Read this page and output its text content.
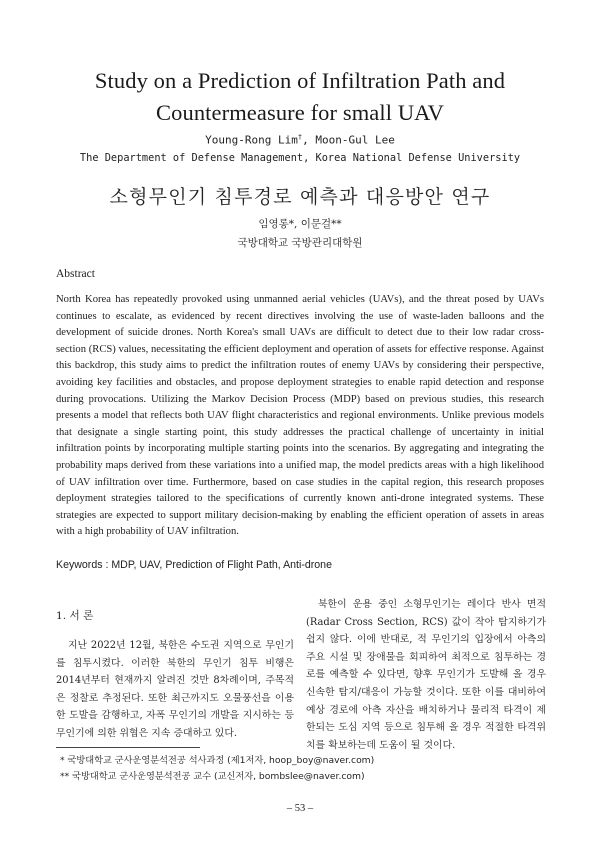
Study on a Prediction of Infiltration Path and
Countermeasure for small UAV
Young-Rong Lim†, Moon-Gul Lee
The Department of Defense Management, Korea National Defense University
소형무인기 침투경로 예측과 대응방안 연구
임영롱*, 이문걸**
국방대학교 국방관리대학원
Abstract
North Korea has repeatedly provoked using unmanned aerial vehicles (UAVs), and the threat posed by UAVs continues to escalate, as evidenced by recent directives involving the use of waste-laden balloons and the development of suicide drones. North Korea's small UAVs are difficult to detect due to their low radar cross-section (RCS) values, necessitating the efficient deployment and operation of assets for effective response. Against this backdrop, this study aims to predict the infiltration routes of enemy UAVs by considering their perspective, avoiding key facilities and obstacles, and propose deployment strategies to enable rapid detection and response during provocations. Utilizing the Markov Decision Process (MDP) based on previous studies, this research presents a model that reflects both UAV flight characteristics and regional environments. Unlike previous models that designate a single starting point, this study addresses the practical challenge of uncertainty in initial infiltration points by incorporating multiple starting points into the scenarios. By aggregating and integrating the probability maps derived from these variations into a unified map, the model predicts areas with a high likelihood of UAV infiltration over time. Furthermore, based on case studies in the capital region, this research proposes deployment strategies tailored to the specifications of currently known anti-drone integrated systems. These strategies are expected to support military decision-making by enabling the efficient operation of assets in areas with a high probability of UAV infiltration.
Keywords : MDP, UAV, Prediction of Flight Path, Anti-drone
1. 서 론
지난 2022년 12월, 북한은 수도권 지역으로 무인기를 침투시켰다. 이러한 북한의 무인기 침투 비행은 2014년부터 현재까지 알려진 것만 8차례이며, 주목적은 정찰로 추정된다. 또한 최근까지도 오물풍선을 이용한 도발을 감행하고, 자폭 무인기의 개발을 지시하는 등 무인기에 의한 위협은 지속 증대하고 있다.
북한이 운용 중인 소형무인기는 레이다 반사 면적(Radar Cross Section, RCS) 값이 작아 탐지하기가 쉽지 않다. 이에 반대로, 적 무인기의 입장에서 아측의 주요 시설 및 장애물을 회피하여 최적으로 침투하는 경로를 예측할 수 있다면, 향후 무인기가 도발해 올 경우 신속한 탐지/대응이 가능할 것이다. 또한 이를 대비하여 예상 경로에 아측 자산을 배치하거나 물리적 타격이 제한되는 도심 지역 등으로 침투해 올 경우 적절한 타격위치를 확보하는데 도움이 될 것이다.
* 국방대학교 군사운영분석전공 석사과정 (제1저자, hoop_boy@naver.com)
** 국방대학교 군사운영분석전공 교수 (교신저자, bombslee@naver.com)
– 53 –
